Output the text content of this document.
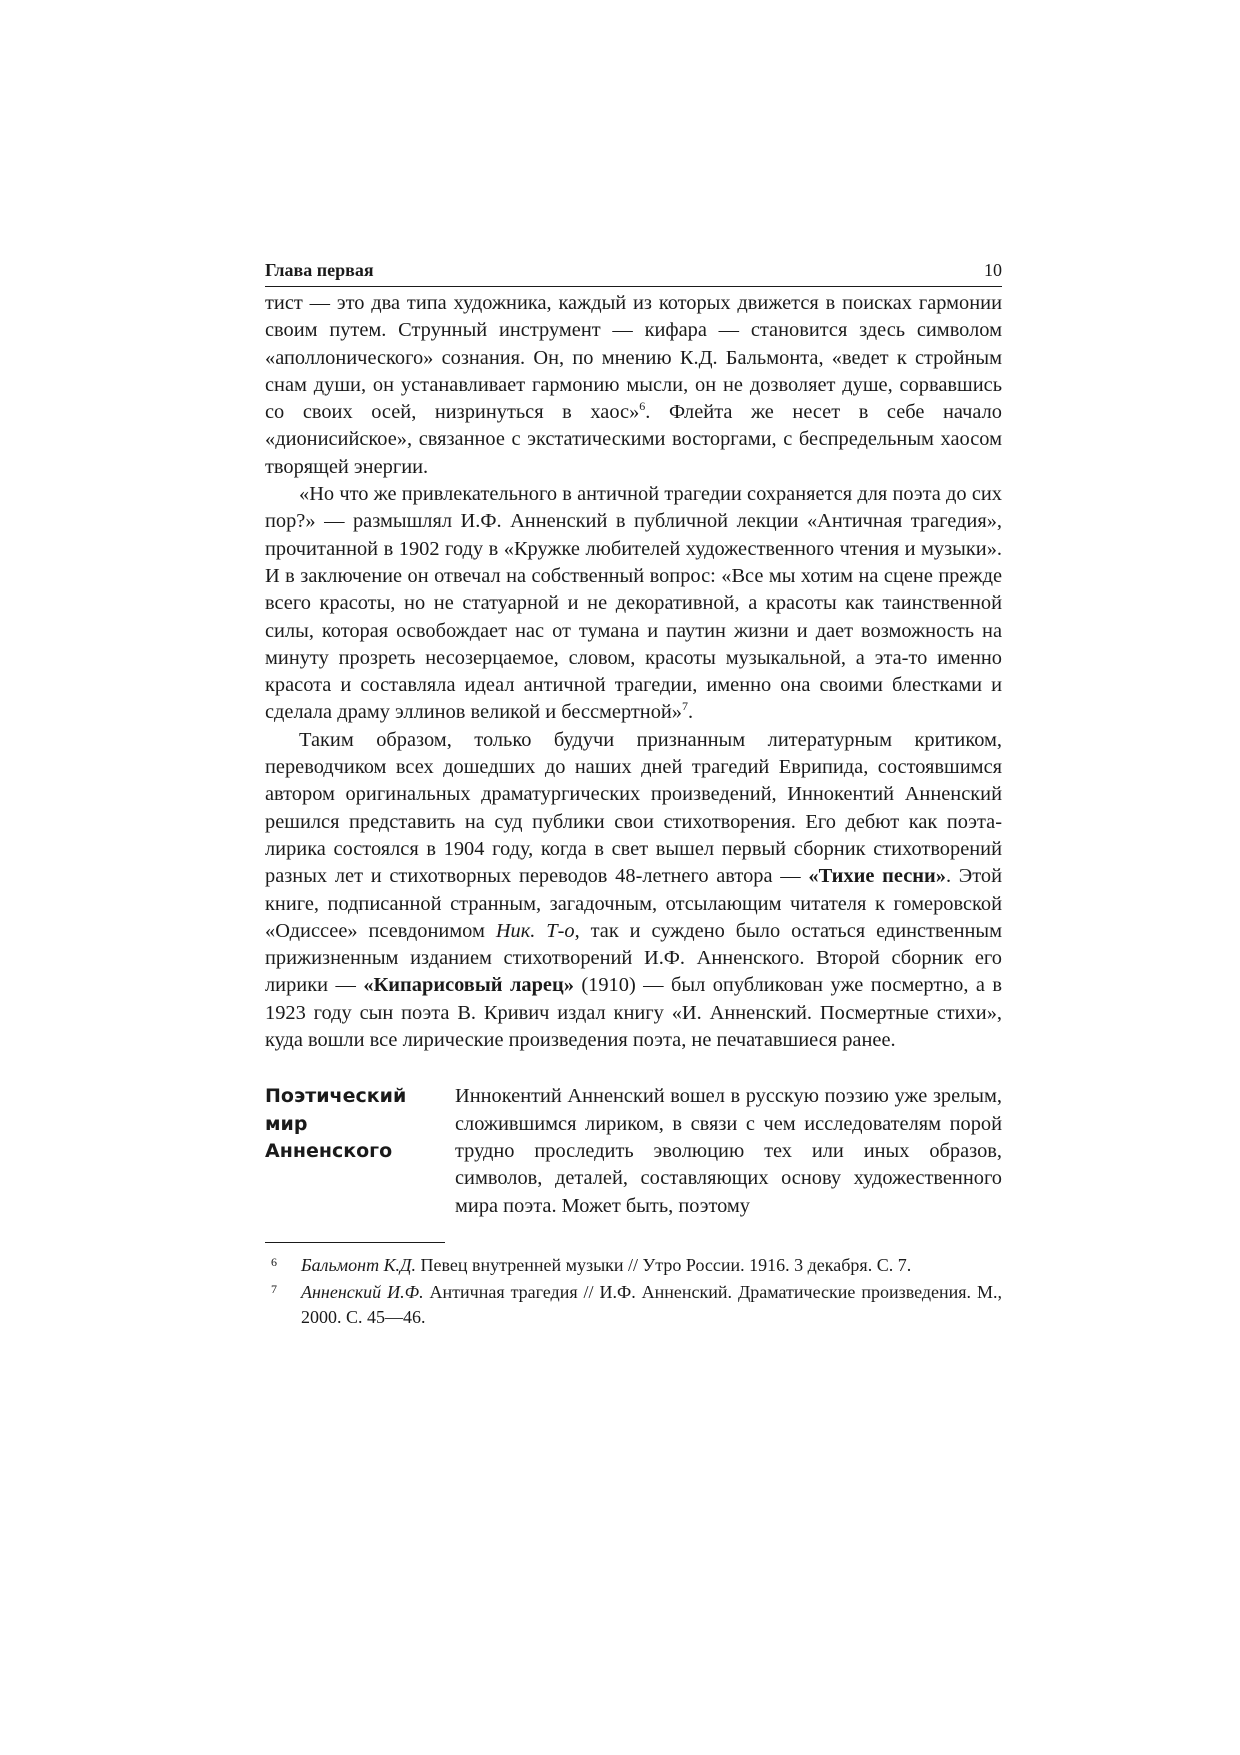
Глава первая	10

тист — это два типа художника, каждый из которых движется в поисках гармонии своим путем. Струнный инструмент — кифара — становится здесь символом «аполлонического» сознания. Он, по мнению К.Д. Бальмонта, «ведет к стройным снам души, он устанавливает гармонию мысли, он не дозволяет душе, сорвавшись со своих осей, низринуться в хаос»$^6$. Флейта же несет в себе начало «дионисийское», связанное с экстатическими восторгами, с беспредельным хаосом творящей энергии.

«Но что же привлекательного в античной трагедии сохраняется для поэта до сих пор?» — размышлял И.Ф. Анненский в публичной лекции «Античная трагедия», прочитанной в 1902 году в «Кружке любителей художественного чтения и музыки». И в заключение он отвечал на собственный вопрос: «Все мы хотим на сцене прежде всего красоты, но не статуарной и не декоративной, а красоты как таинственной силы, которая освобождает нас от тумана и паутин жизни и дает возможность на минуту прозреть несозерцаемое, словом, красоты музыкальной, а эта-то именно красота и составляла идеал античной трагедии, именно она своими блестками и сделала драму эллинов великой и бессмертной»$^7$.

Таким образом, только будучи признанным литературным критиком, переводчиком всех дошедших до наших дней трагедий Еврипида, состоявшимся автором оригинальных драматургических произведений, Иннокентий Анненский решился представить на суд публики свои стихотворения. Его дебют как поэта-лирика состоялся в 1904 году, когда в свет вышел первый сборник стихотворений разных лет и стихотворных переводов 48-летнего автора — «Тихие песни». Этой книге, подписанной странным, загадочным, отсылающим читателя к гомеровской «Одиссее» псевдонимом Ник. Т-о, так и суждено было остаться единственным прижизненным изданием стихотворений И.Ф. Анненского. Второй сборник его лирики — «Кипарисовый ларец» (1910) — был опубликован уже посмертно, а в 1923 году сын поэта В. Кривич издал книгу «И. Анненский. Посмертные стихи», куда вошли все лирические произведения поэта, не печатавшиеся ранее.

Поэтический
мир
Анненского

Иннокентий Анненский вошел в русскую поэзию уже зрелым, сложившимся лириком, в связи с чем исследователям порой трудно проследить эволюцию тех или иных образов, символов, деталей, составляющих основу художественного мира поэта. Может быть, поэтому

6	Бальмонт К.Д. Певец внутренней музыки // Утро России. 1916. 3 декабря. С. 7.
7	Анненский И.Ф. Античная трагедия // И.Ф. Анненский. Драматические произведения. М., 2000. С. 45—46.
